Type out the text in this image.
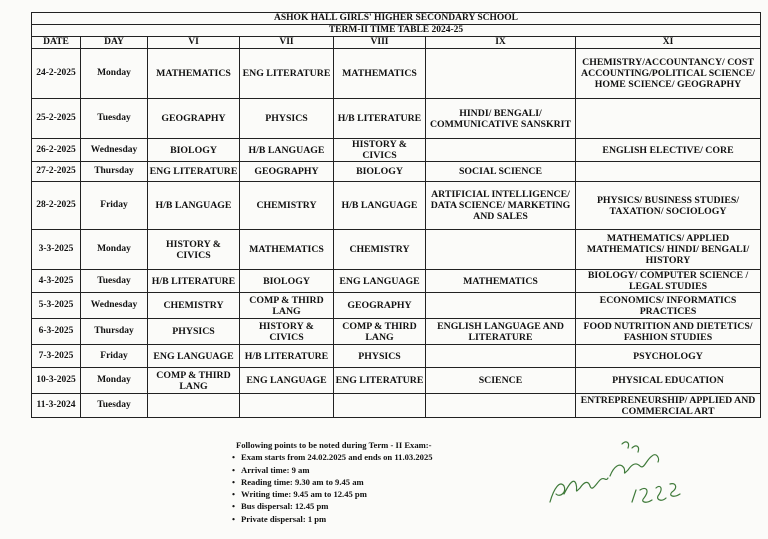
ASHOK HALL GIRLS' HIGHER SECONDARY SCHOOL						
TERM-II TIME TABLE 2024-25						
DATE	DAY	VI	VII	VIII	IX	XI
24-2-2025	Monday	MATHEMATICS	ENG LITERATURE	MATHEMATICS		CHEMISTRY/ACCOUNTANCY/ COST ACCOUNTING/POLITICAL SCIENCE/ HOME SCIENCE/ GEOGRAPHY
25-2-2025	Tuesday	GEOGRAPHY	PHYSICS	H/B LITERATURE	HINDI/ BENGALI/ COMMUNICATIVE SANSKRIT	
26-2-2025	Wednesday	BIOLOGY	H/B LANGUAGE	HISTORY & CIVICS		ENGLISH ELECTIVE/ CORE
27-2-2025	Thursday	ENG LITERATURE	GEOGRAPHY	BIOLOGY	SOCIAL SCIENCE	
28-2-2025	Friday	H/B LANGUAGE	CHEMISTRY	H/B LANGUAGE	ARTIFICIAL INTELLIGENCE/ DATA SCIENCE/ MARKETING AND SALES	PHYSICS/ BUSINESS STUDIES/ TAXATION/ SOCIOLOGY
3-3-2025	Monday	HISTORY & CIVICS	MATHEMATICS	CHEMISTRY		MATHEMATICS/ APPLIED MATHEMATICS/ HINDI/ BENGALI/ HISTORY
4-3-2025	Tuesday	H/B LITERATURE	BIOLOGY	ENG LANGUAGE	MATHEMATICS	BIOLOGY/ COMPUTER SCIENCE / LEGAL STUDIES
5-3-2025	Wednesday	CHEMISTRY	COMP & THIRD LANG	GEOGRAPHY		ECONOMICS/ INFORMATICS PRACTICES
6-3-2025	Thursday	PHYSICS	HISTORY & CIVICS	COMP & THIRD LANG	ENGLISH LANGUAGE AND LITERATURE	FOOD NUTRITION AND DIETETICS/ FASHION STUDIES
7-3-2025	Friday	ENG LANGUAGE	H/B LITERATURE	PHYSICS		PSYCHOLOGY
10-3-2025	Monday	COMP & THIRD LANG	ENG LANGUAGE	ENG LITERATURE	SCIENCE	PHYSICAL EDUCATION
11-3-2024	Tuesday					ENTREPRENEURSHIP/ APPLIED AND COMMERCIAL ART
Following points to be noted during Term - II Exam:-
• Exam starts from 24.02.2025 and ends on 11.03.2025
• Arrival time: 9 am
• Reading time: 9.30 am to 9.45 am
• Writing time: 9.45 am to 12.45 pm
• Bus dispersal: 12.45 pm
• Private dispersal: 1 pm
